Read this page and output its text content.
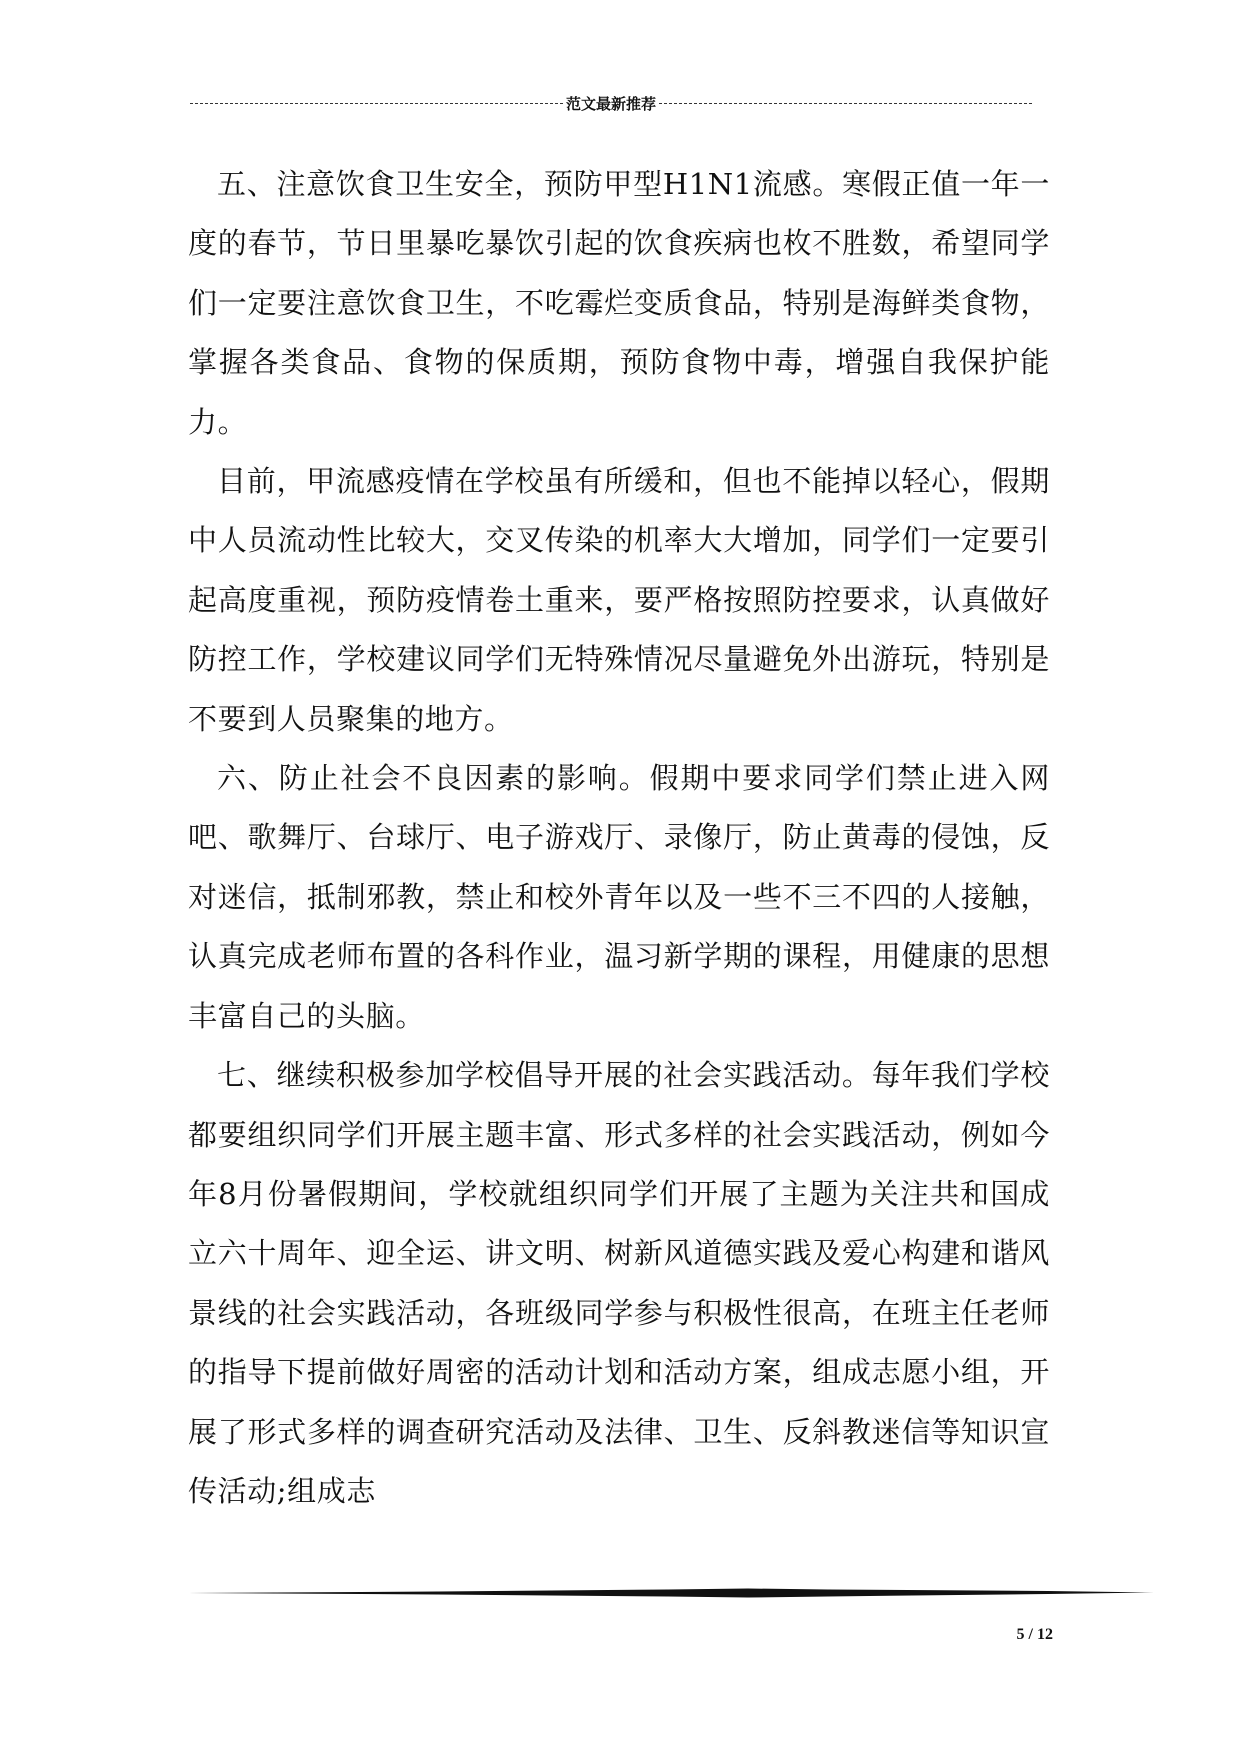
范文最新推荐

五、注意饮食卫生安全，预防甲型H1N1流感。寒假正值一年一度的春节，节日里暴吃暴饮引起的饮食疾病也枚不胜数，希望同学们一定要注意饮食卫生，不吃霉烂变质食品，特别是海鲜类食物，掌握各类食品、食物的保质期，预防食物中毒，增强自我保护能力。

目前，甲流感疫情在学校虽有所缓和，但也不能掉以轻心，假期中人员流动性比较大，交叉传染的机率大大增加，同学们一定要引起高度重视，预防疫情卷土重来，要严格按照防控要求，认真做好防控工作，学校建议同学们无特殊情况尽量避免外出游玩，特别是不要到人员聚集的地方。

六、防止社会不良因素的影响。假期中要求同学们禁止进入网吧、歌舞厅、台球厅、电子游戏厅、录像厅，防止黄毒的侵蚀，反对迷信，抵制邪教，禁止和校外青年以及一些不三不四的人接触，认真完成老师布置的各科作业，温习新学期的课程，用健康的思想丰富自己的头脑。

七、继续积极参加学校倡导开展的社会实践活动。每年我们学校都要组织同学们开展主题丰富、形式多样的社会实践活动，例如今年8月份暑假期间，学校就组织同学们开展了主题为关注共和国成立六十周年、迎全运、讲文明、树新风道德实践及爱心构建和谐风景线的社会实践活动，各班级同学参与积极性很高，在班主任老师的指导下提前做好周密的活动计划和活动方案，组成志愿小组，开展了形式多样的调查研究活动及法律、卫生、反斜教迷信等知识宣传活动;组成志

5 / 12
